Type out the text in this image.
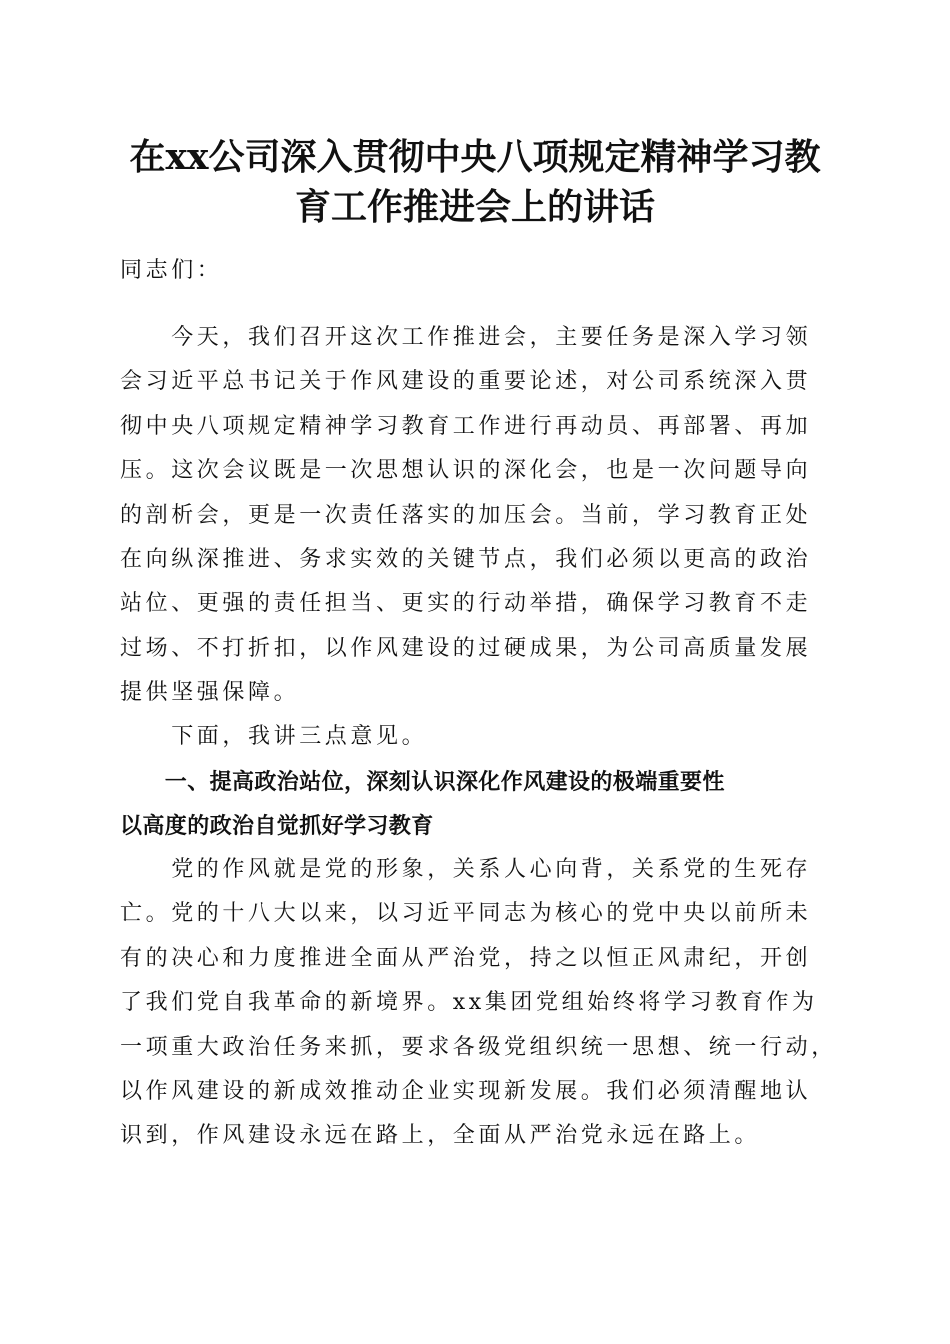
在xx公司深入贯彻中央八项规定精神学习教
育工作推进会上的讲话

同志们：

　　今天，我们召开这次工作推进会，主要任务是深入学习领
会习近平总书记关于作风建设的重要论述，对公司系统深入贯
彻中央八项规定精神学习教育工作进行再动员、再部署、再加
压。这次会议既是一次思想认识的深化会，也是一次问题导向
的剖析会，更是一次责任落实的加压会。当前，学习教育正处
在向纵深推进、务求实效的关键节点，我们必须以更高的政治
站位、更强的责任担当、更实的行动举措，确保学习教育不走
过场、不打折扣，以作风建设的过硬成果，为公司高质量发展
提供坚强保障。

　　下面，我讲三点意见。

　　一、提高政治站位，深刻认识深化作风建设的极端重要性
以高度的政治自觉抓好学习教育

　　党的作风就是党的形象，关系人心向背，关系党的生死存
亡。党的十八大以来，以习近平同志为核心的党中央以前所未
有的决心和力度推进全面从严治党，持之以恒正风肃纪，开创
了我们党自我革命的新境界。xx集团党组始终将学习教育作为
一项重大政治任务来抓，要求各级党组织统一思想、统一行动，
以作风建设的新成效推动企业实现新发展。我们必须清醒地认
识到，作风建设永远在路上，全面从严治党永远在路上。
